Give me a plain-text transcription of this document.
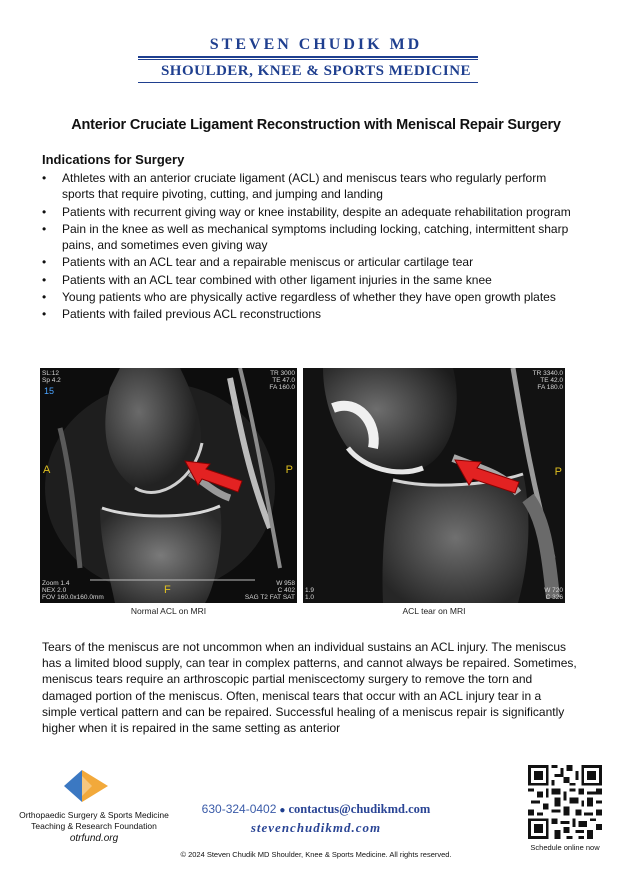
STEVEN CHUDIK MD
SHOULDER, KNEE & SPORTS MEDICINE
Anterior Cruciate Ligament Reconstruction with Meniscal Repair Surgery
Indications for Surgery
• Athletes with an anterior cruciate ligament (ACL) and meniscus tears who regularly perform sports that require pivoting, cutting, and jumping and landing
• Patients with recurrent giving way or knee instability, despite an adequate rehabilitation program
• Pain in the knee as well as mechanical symptoms including locking, catching, intermittent sharp pains, and sometimes even giving way
• Patients with an ACL tear and a repairable meniscus or articular cartilage tear
• Patients with an ACL tear combined with other ligament injuries in the same knee
• Young patients who are physically active regardless of whether they have open growth plates
• Patients with failed previous ACL reconstructions
SL:12
Sp 4.2
15
TR 3000
TE 47.0
FA 160.0
A	P
F
Zoom 1.4
NEX 2.0
FOV 160.0x160.0mm
W 958
C 402
SAG T2 FAT SAT
TR 3340.0
TE 42.0
FA 180.0
P
1.9
1.0
W 720
C 326
Normal ACL on MRI	ACL tear on MRI

Tears of the meniscus are not uncommon when an individual sustains an ACL injury. The meniscus has a limited blood supply, can tear in complex patterns, and cannot always be repaired. Sometimes, meniscus tears require an arthroscopic partial meniscectomy surgery to remove the torn and damaged portion of the meniscus. Often, meniscal tears that occur with an ACL injury tear in a simple vertical pattern and can be repaired. Successful healing of a meniscus repair is significantly higher when it is repaired in the same setting as anterior

Orthopaedic Surgery & Sports Medicine Teaching & Research Foundation
otrfund.org
630-324-0402 ● contactus@chudikmd.com
stevenchudikmd.com
© 2024 Steven Chudik MD Shoulder, Knee & Sports Medicine. All rights reserved.
Schedule online now
